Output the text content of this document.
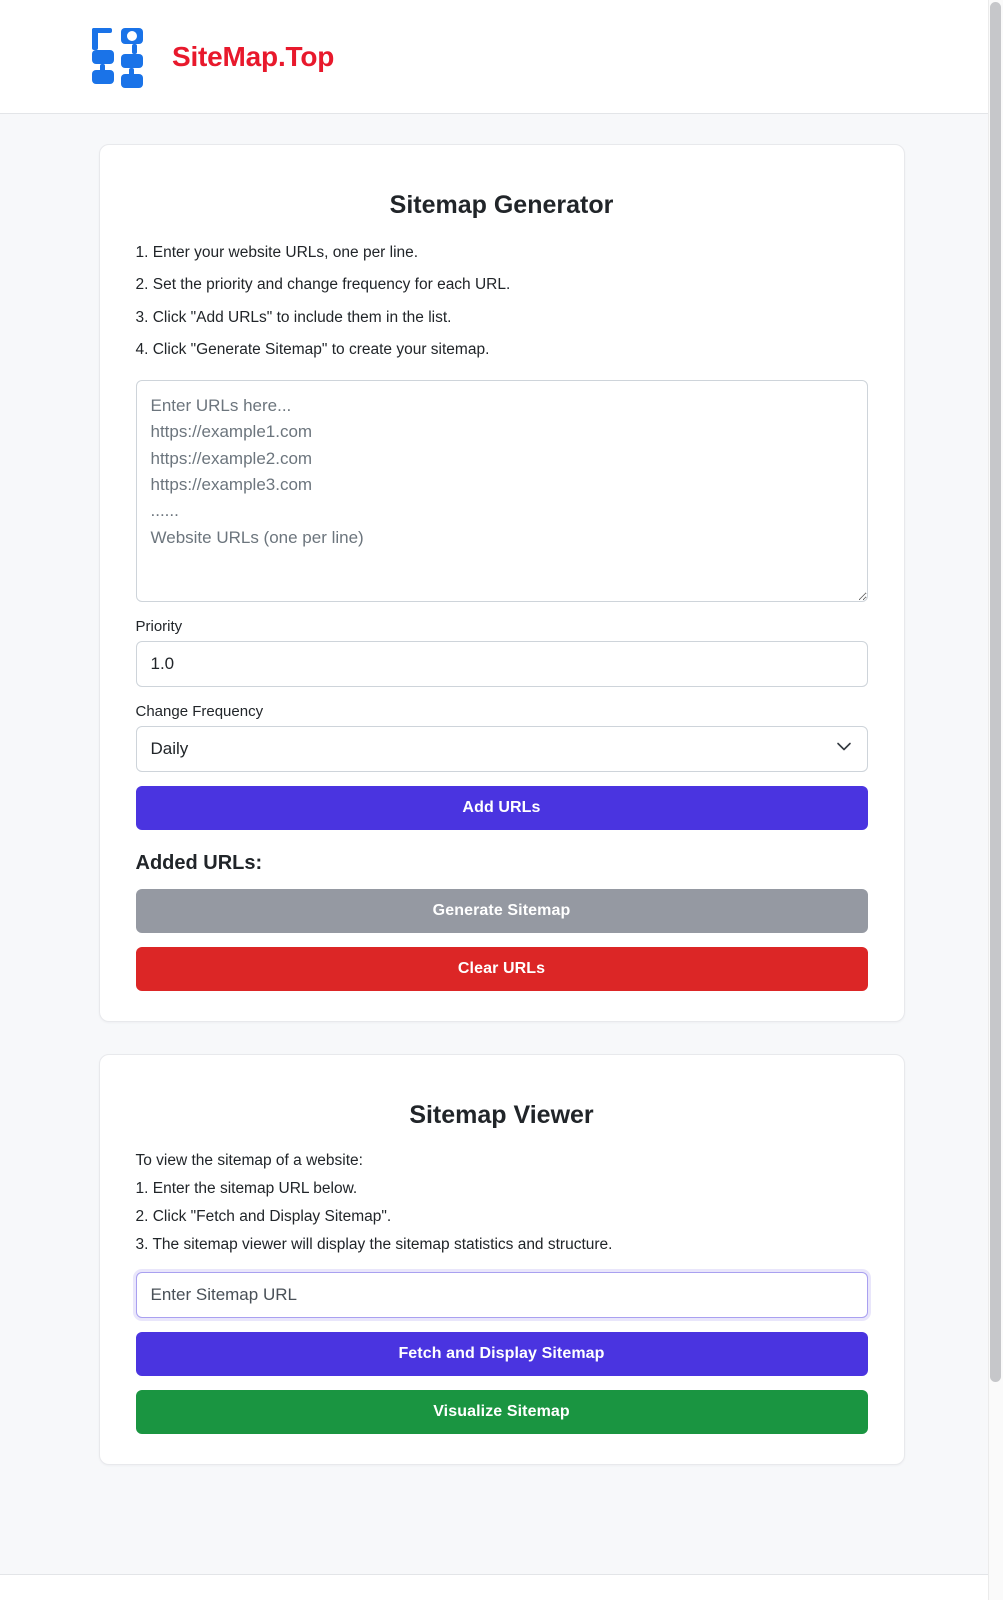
SiteMap.Top
Sitemap Generator

1. Enter your website URLs, one per line.

2. Set the priority and change frequency for each URL.

3. Click "Add URLs" to include them in the list.

4. Click "Generate Sitemap" to create your sitemap.

Enter URLs here... https://example1.com https://example2.com https://example3.com ...... Website URLs (one per line)
Priority
1.0
Change Frequency
Daily
Add URLs
Added URLs:
Generate Sitemap
Clear URLs
Sitemap Viewer

To view the sitemap of a website:

1. Enter the sitemap URL below.

2. Click "Fetch and Display Sitemap".

3. The sitemap viewer will display the sitemap statistics and structure.

Enter Sitemap URL
Fetch and Display Sitemap
Visualize Sitemap
